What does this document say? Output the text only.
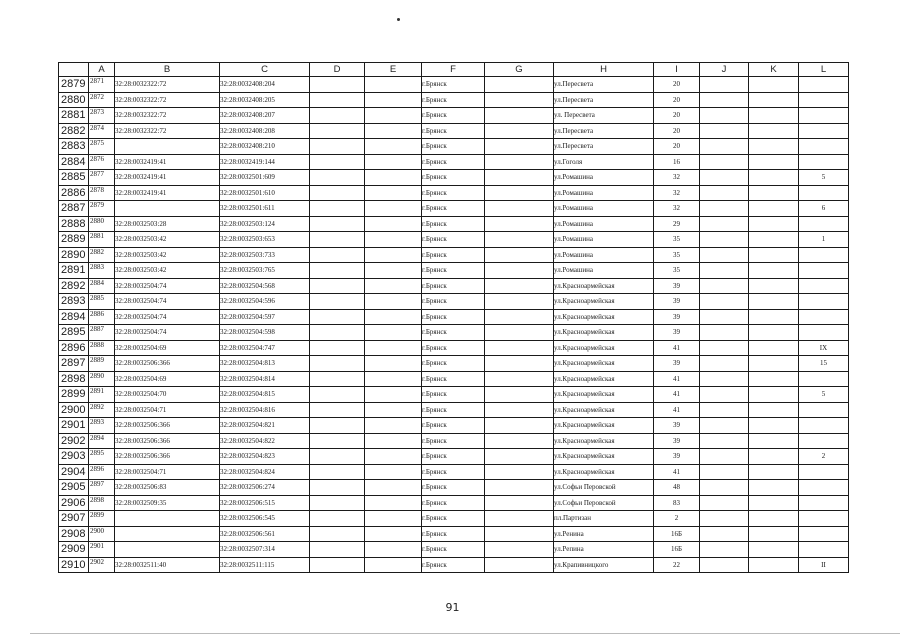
	A	B	C	D	E	F	G	H	I	J	K	L
2879	2871	32:28:0032322:72	32:28:0032408:204			г.Брянск		ул.Пересвета	20			
2880	2872	32:28:0032322:72	32:28:0032408:205			г.Брянск		ул.Пересвета	20			
2881	2873	32:28:0032322:72	32:28:0032408:207			г.Брянск		ул. Пересвета	20			
2882	2874	32:28:0032322:72	32:28:0032408:208			г.Брянск		ул.Пересвета	20			
2883	2875		32:28:0032408:210			г.Брянск		ул.Пересвета	20			
2884	2876	32:28:0032419:41	32:28:0032419:144			г.Брянск		ул.Гоголя	16			
2885	2877	32:28:0032419:41	32:28:0032501:609			г.Брянск		ул.Ромашина	32			5
2886	2878	32:28:0032419:41	32:28:0032501:610			г.Брянск		ул.Ромашина	32			
2887	2879		32:28:0032501:611			г.Брянск		ул.Ромашина	32			6
2888	2880	32:28:0032503:28	32:28:0032503:124			г.Брянск		ул.Ромашина	29			
2889	2881	32:28:0032503:42	32:28:0032503:653			г.Брянск		ул.Ромашина	35			1
2890	2882	32:28:0032503:42	32:28:0032503:733			г.Брянск		ул.Ромашина	35			
2891	2883	32:28:0032503:42	32:28:0032503:765			г.Брянск		ул.Ромашина	35			
2892	2884	32:28:0032504:74	32:28:0032504:568			г.Брянск		ул.Красноармейская	39			
2893	2885	32:28:0032504:74	32:28:0032504:596			г.Брянск		ул.Красноармейская	39			
2894	2886	32:28:0032504:74	32:28:0032504:597			г.Брянск		ул.Красноармейская	39			
2895	2887	32:28:0032504:74	32:28:0032504:598			г.Брянск		ул.Красноармейская	39			
2896	2888	32:28:0032504:69	32:28:0032504:747			г.Брянск		ул.Красноармейская	41			IX
2897	2889	32:28:0032506:366	32:28:0032504:813			г.Брянск		ул.Красноармейская	39			15
2898	2890	32:28:0032504:69	32:28:0032504:814			г.Брянск		ул.Красноармейская	41			
2899	2891	32:28:0032504:70	32:28:0032504:815			г.Брянск		ул.Красноармейская	41			5
2900	2892	32:28:0032504:71	32:28:0032504:816			г.Брянск		ул.Красноармейская	41			
2901	2893	32:28:0032506:366	32:28:0032504:821			г.Брянск		ул.Красноармейская	39			
2902	2894	32:28:0032506:366	32:28:0032504:822			г.Брянск		ул.Красноармейская	39			
2903	2895	32:28:0032506:366	32:28:0032504:823			г.Брянск		ул.Красноармейская	39			2
2904	2896	32:28:0032504:71	32:28:0032504:824			г.Брянск		ул.Красноармейская	41			
2905	2897	32:28:0032506:83	32:28:0032506:274			г.Брянск		ул.Софьи Перовской	48			
2906	2898	32:28:0032509:35	32:28:0032506:515			г.Брянск		ул.Софьи Перовской	83			
2907	2899		32:28:0032506:545			г.Брянск		пл.Партизан	2			
2908	2900		32:28:0032506:561			г.Брянск		ул.Ренина	16Б			
2909	2901		32:28:0032507:314			г.Брянск		ул.Репина	16Б			
2910	2902	32:28:0032511:40	32:28:0032511:115			г.Брянск		ул.Крапивницкого	22			II
91
